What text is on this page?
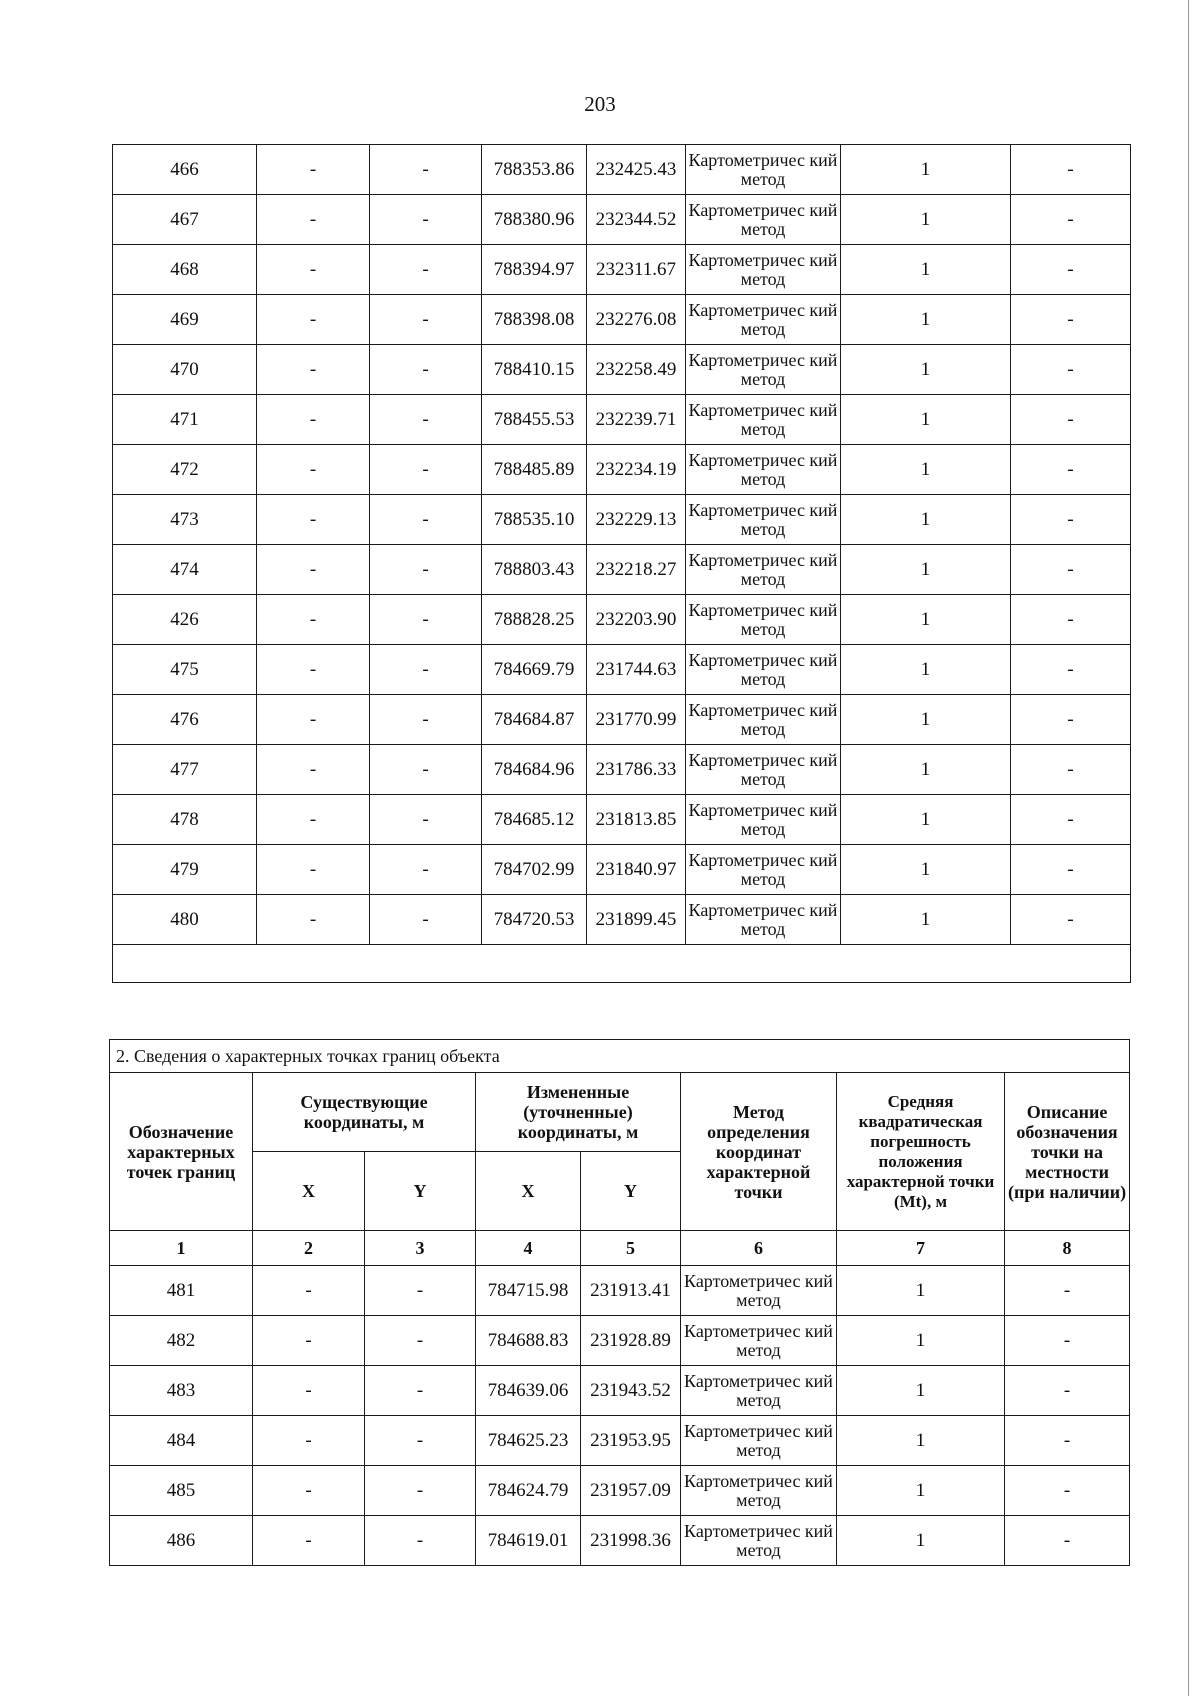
203
466	-	-	788353.86	232425.43	Картометричес кий метод	1	-
467	-	-	788380.96	232344.52	Картометричес кий метод	1	-
468	-	-	788394.97	232311.67	Картометричес кий метод	1	-
469	-	-	788398.08	232276.08	Картометричес кий метод	1	-
470	-	-	788410.15	232258.49	Картометричес кий метод	1	-
471	-	-	788455.53	232239.71	Картометричес кий метод	1	-
472	-	-	788485.89	232234.19	Картометричес кий метод	1	-
473	-	-	788535.10	232229.13	Картометричес кий метод	1	-
474	-	-	788803.43	232218.27	Картометричес кий метод	1	-
426	-	-	788828.25	232203.90	Картометричес кий метод	1	-
475	-	-	784669.79	231744.63	Картометричес кий метод	1	-
476	-	-	784684.87	231770.99	Картометричес кий метод	1	-
477	-	-	784684.96	231786.33	Картометричес кий метод	1	-
478	-	-	784685.12	231813.85	Картометричес кий метод	1	-
479	-	-	784702.99	231840.97	Картометричес кий метод	1	-
480	-	-	784720.53	231899.45	Картометричес кий метод	1	-

2. Сведения о характерных точках границ объекта							
Обозначение характерных точек границ	Существующие координаты, м		Измененные (уточненные) координаты, м		Метод определения координат характерной точки	Средняя квадратическая погрешность положения характерной точки (Mt), м	Описание обозначения точки на местности (при наличии)
	X	Y	X	Y			
1	2	3	4	5	6	7	8
481	-	-	784715.98	231913.41	Картометричес кий метод	1	-
482	-	-	784688.83	231928.89	Картометричес кий метод	1	-
483	-	-	784639.06	231943.52	Картометричес кий метод	1	-
484	-	-	784625.23	231953.95	Картометричес кий метод	1	-
485	-	-	784624.79	231957.09	Картометричес кий метод	1	-
486	-	-	784619.01	231998.36	Картометричес кий метод	1	-
